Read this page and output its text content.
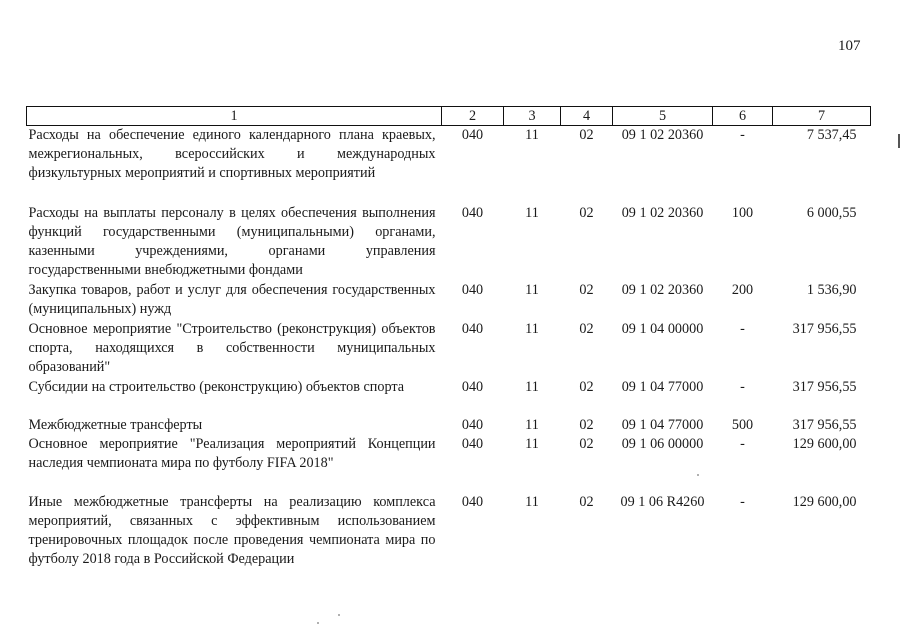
107
1	2	3	4	5	6	7
Расходы на обеспечение единого календарного плана краевых, межрегиональных, всероссийских и международных физкультурных мероприятий и спортивных мероприятий	040	11	02	09 1 02 20360	-	7 537,45
Расходы на выплаты персоналу в целях обеспечения выполнения функций государственными (муниципальными) органами, казенными учреждениями, органами управления государственными внебюджетными фондами	040	11	02	09 1 02 20360	100	6 000,55
Закупка товаров, работ и услуг для обеспечения государственных (муниципальных) нужд	040	11	02	09 1 02 20360	200	1 536,90
Основное мероприятие "Строительство (реконструкция) объектов спорта, находящихся в собственности муниципальных образований"	040	11	02	09 1 04 00000	-	317 956,55
Субсидии на строительство (реконструкцию) объектов спорта	040	11	02	09 1 04 77000	-	317 956,55
Межбюджетные трансферты	040	11	02	09 1 04 77000	500	317 956,55
Основное мероприятие "Реализация мероприятий Концепции наследия чемпионата мира по футболу FIFA 2018"	040	11	02	09 1 06 00000	-	129 600,00
Иные межбюджетные трансферты на реализацию комплекса мероприятий, связанных с эффективным использованием тренировочных площадок после проведения чемпионата мира по футболу 2018 года в Российской Федерации	040	11	02	09 1 06 R4260	-	129 600,00
